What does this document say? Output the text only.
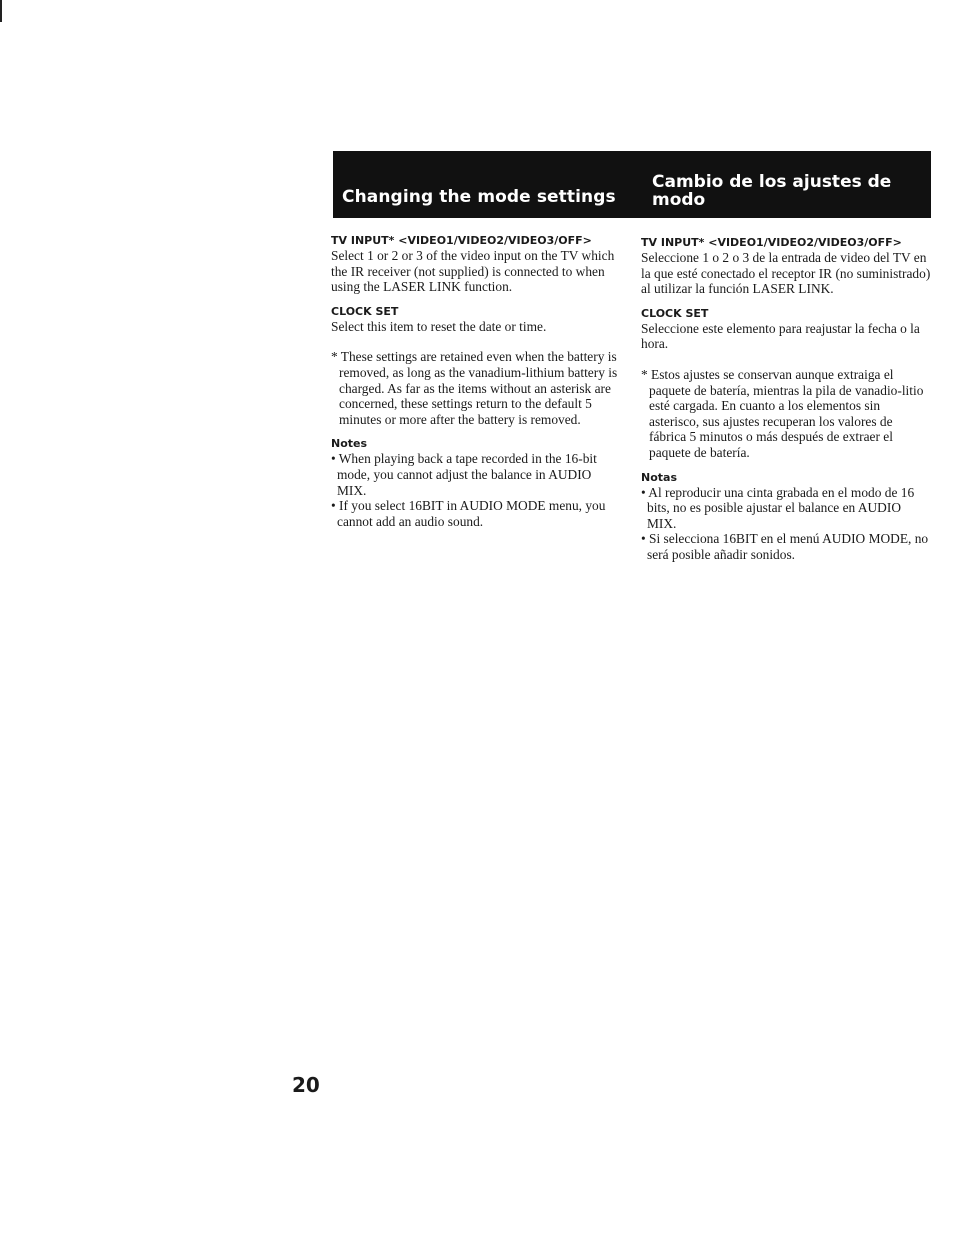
Changing the mode settings
Cambio de los ajustes de modo

TV INPUT* <VIDEO1/VIDEO2/VIDEO3/OFF>

Select 1 or 2 or 3 of the video input on the TV which the IR receiver (not supplied) is connected to when using the LASER LINK function.

CLOCK SET

Select this item to reset the date or time.

* These settings are retained even when the battery is removed, as long as the vanadium-lithium battery is charged. As far as the items without an asterisk are concerned, these settings return to the default 5 minutes or more after the battery is removed.

Notes

• When playing back a tape recorded in the 16-bit mode, you cannot adjust the balance in AUDIO MIX.

• If you select 16BIT in AUDIO MODE menu, you cannot add an audio sound.

TV INPUT* <VIDEO1/VIDEO2/VIDEO3/OFF>

Seleccione 1 o 2 o 3 de la entrada de video del TV en la que esté conectado el receptor IR (no suministrado) al utilizar la función LASER LINK.

CLOCK SET

Seleccione este elemento para reajustar la fecha o la hora.

* Estos ajustes se conservan aunque extraiga el paquete de batería, mientras la pila de vanadio-litio esté cargada. En cuanto a los elementos sin asterisco, sus ajustes recuperan los valores de fábrica 5 minutos o más después de extraer el paquete de batería.

Notas

• Al reproducir una cinta grabada en el modo de 16 bits, no es posible ajustar el balance en AUDIO MIX.

• Si selecciona 16BIT en el menú AUDIO MODE, no será posible añadir sonidos.

20
